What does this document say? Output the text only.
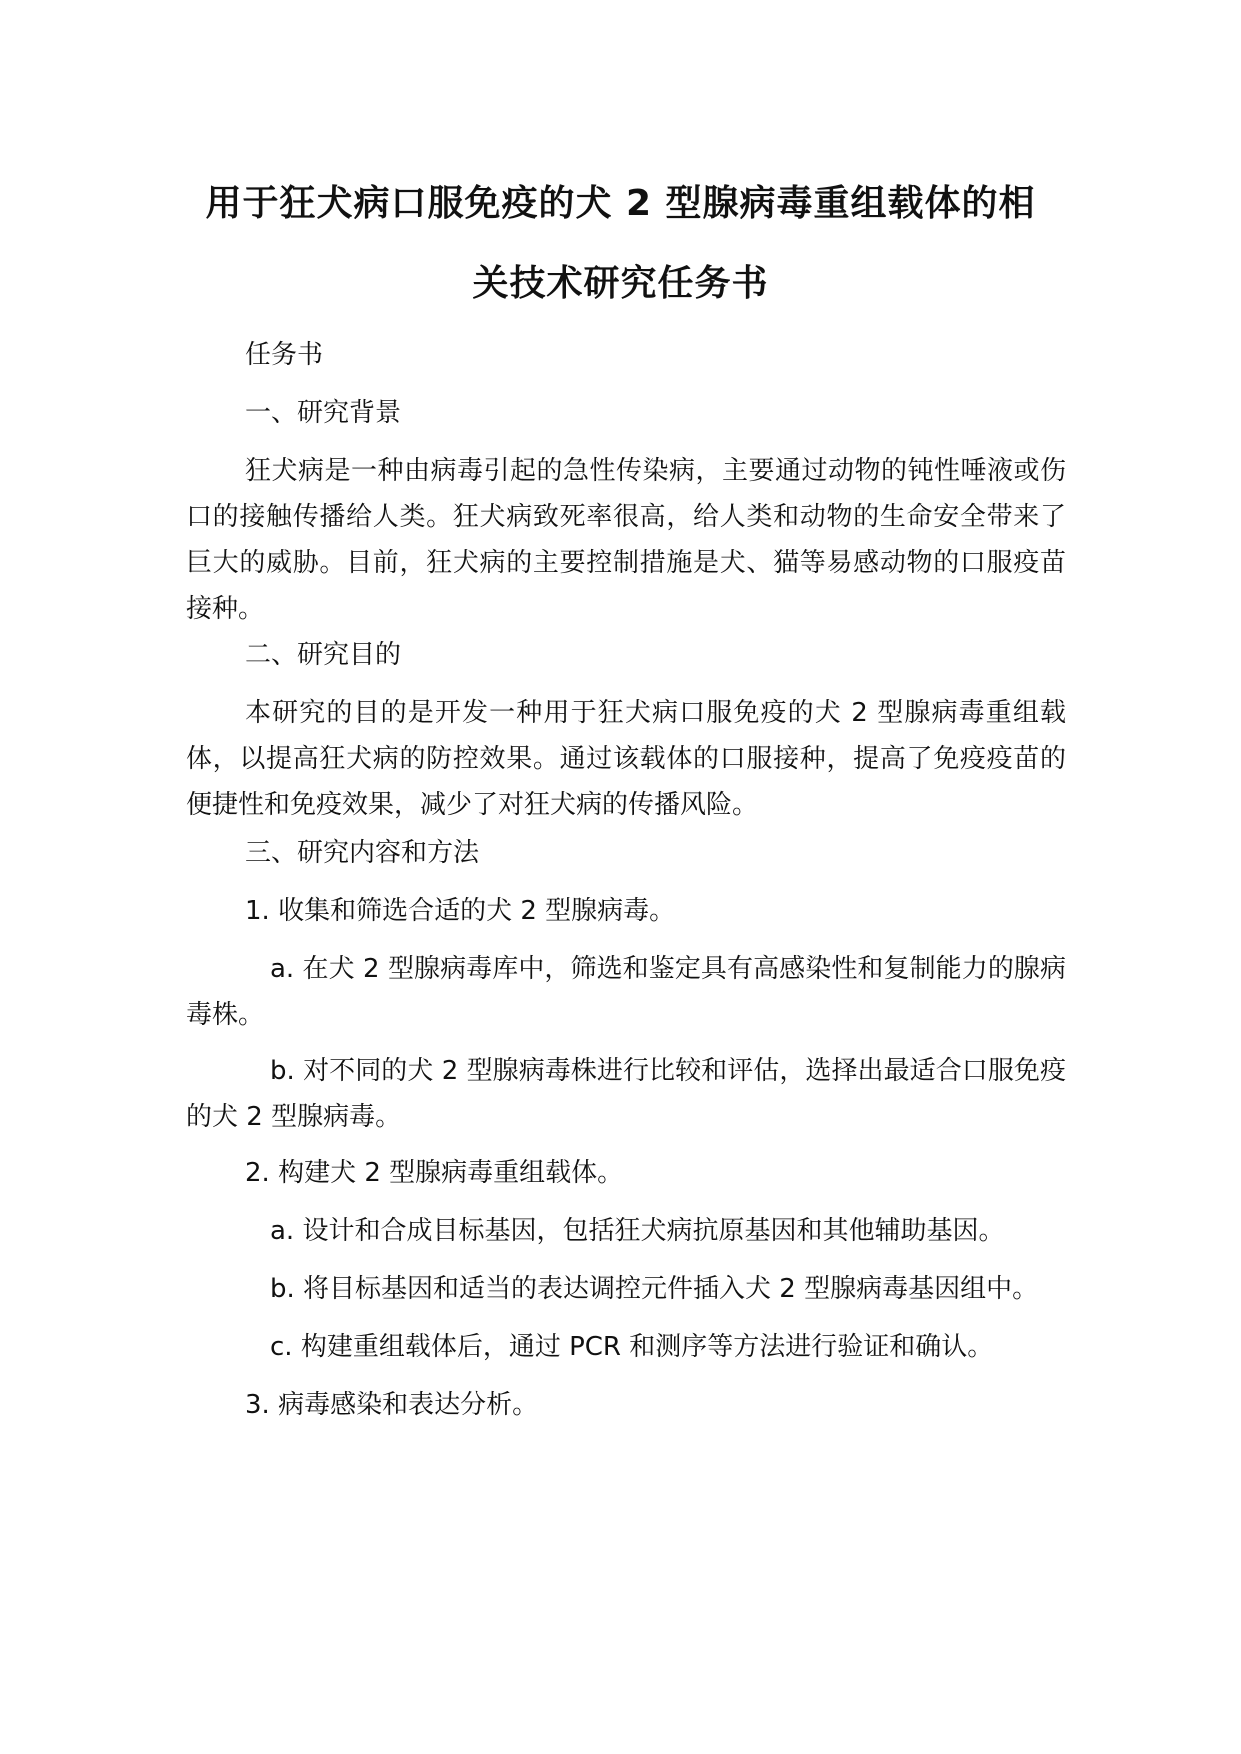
用于狂犬病口服免疫的犬 2 型腺病毒重组载体的相
关技术研究任务书
任务书
一、研究背景

狂犬病是一种由病毒引起的急性传染病，主要通过动物的钝性唾液或伤口的接触传播给人类。狂犬病致死率很高，给人类和动物的生命安全带来了巨大的威胁。目前，狂犬病的主要控制措施是犬、猫等易感动物的口服疫苗接种。

二、研究目的

本研究的目的是开发一种用于狂犬病口服免疫的犬 2 型腺病毒重组载体，以提高狂犬病的防控效果。通过该载体的口服接种，提高了免疫疫苗的便捷性和免疫效果，减少了对狂犬病的传播风险。

三、研究内容和方法
1. 收集和筛选合适的犬 2 型腺病毒。

a. 在犬 2 型腺病毒库中，筛选和鉴定具有高感染性和复制能力的腺病毒株。

b. 对不同的犬 2 型腺病毒株进行比较和评估，选择出最适合口服免疫的犬 2 型腺病毒。

2. 构建犬 2 型腺病毒重组载体。
a. 设计和合成目标基因，包括狂犬病抗原基因和其他辅助基因。
b. 将目标基因和适当的表达调控元件插入犬 2 型腺病毒基因组中。
c. 构建重组载体后，通过 PCR 和测序等方法进行验证和确认。
3. 病毒感染和表达分析。
